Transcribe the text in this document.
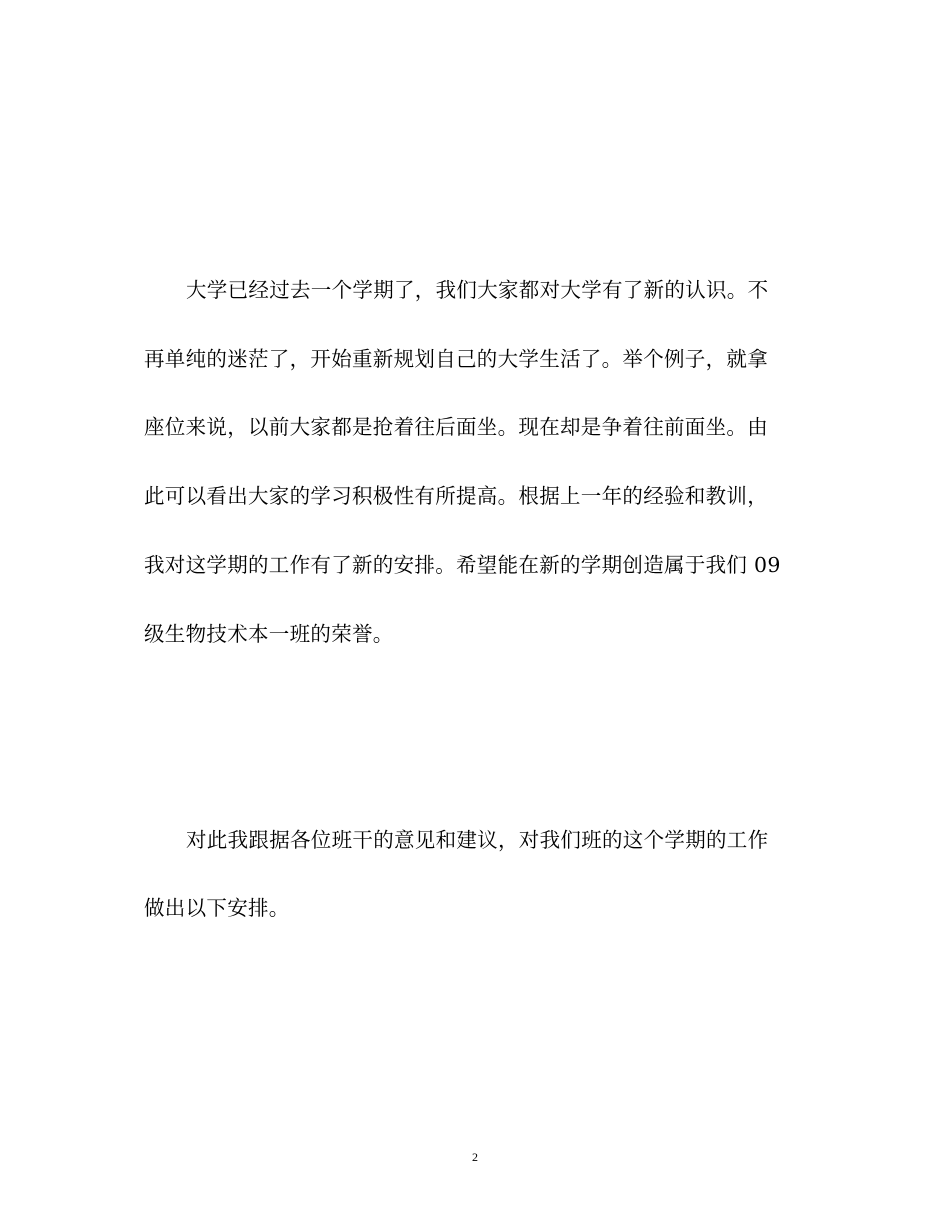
大学已经过去一个学期了，我们大家都对大学有了新的认识。不
再单纯的迷茫了，开始重新规划自己的大学生活了。举个例子，就拿
座位来说，以前大家都是抢着往后面坐。现在却是争着往前面坐。由
此可以看出大家的学习积极性有所提高。根据上一年的经验和教训，
我对这学期的工作有了新的安排。希望能在新的学期创造属于我们 09
级生物技术本一班的荣誉。
对此我跟据各位班干的意见和建议，对我们班的这个学期的工作
做出以下安排。
2
